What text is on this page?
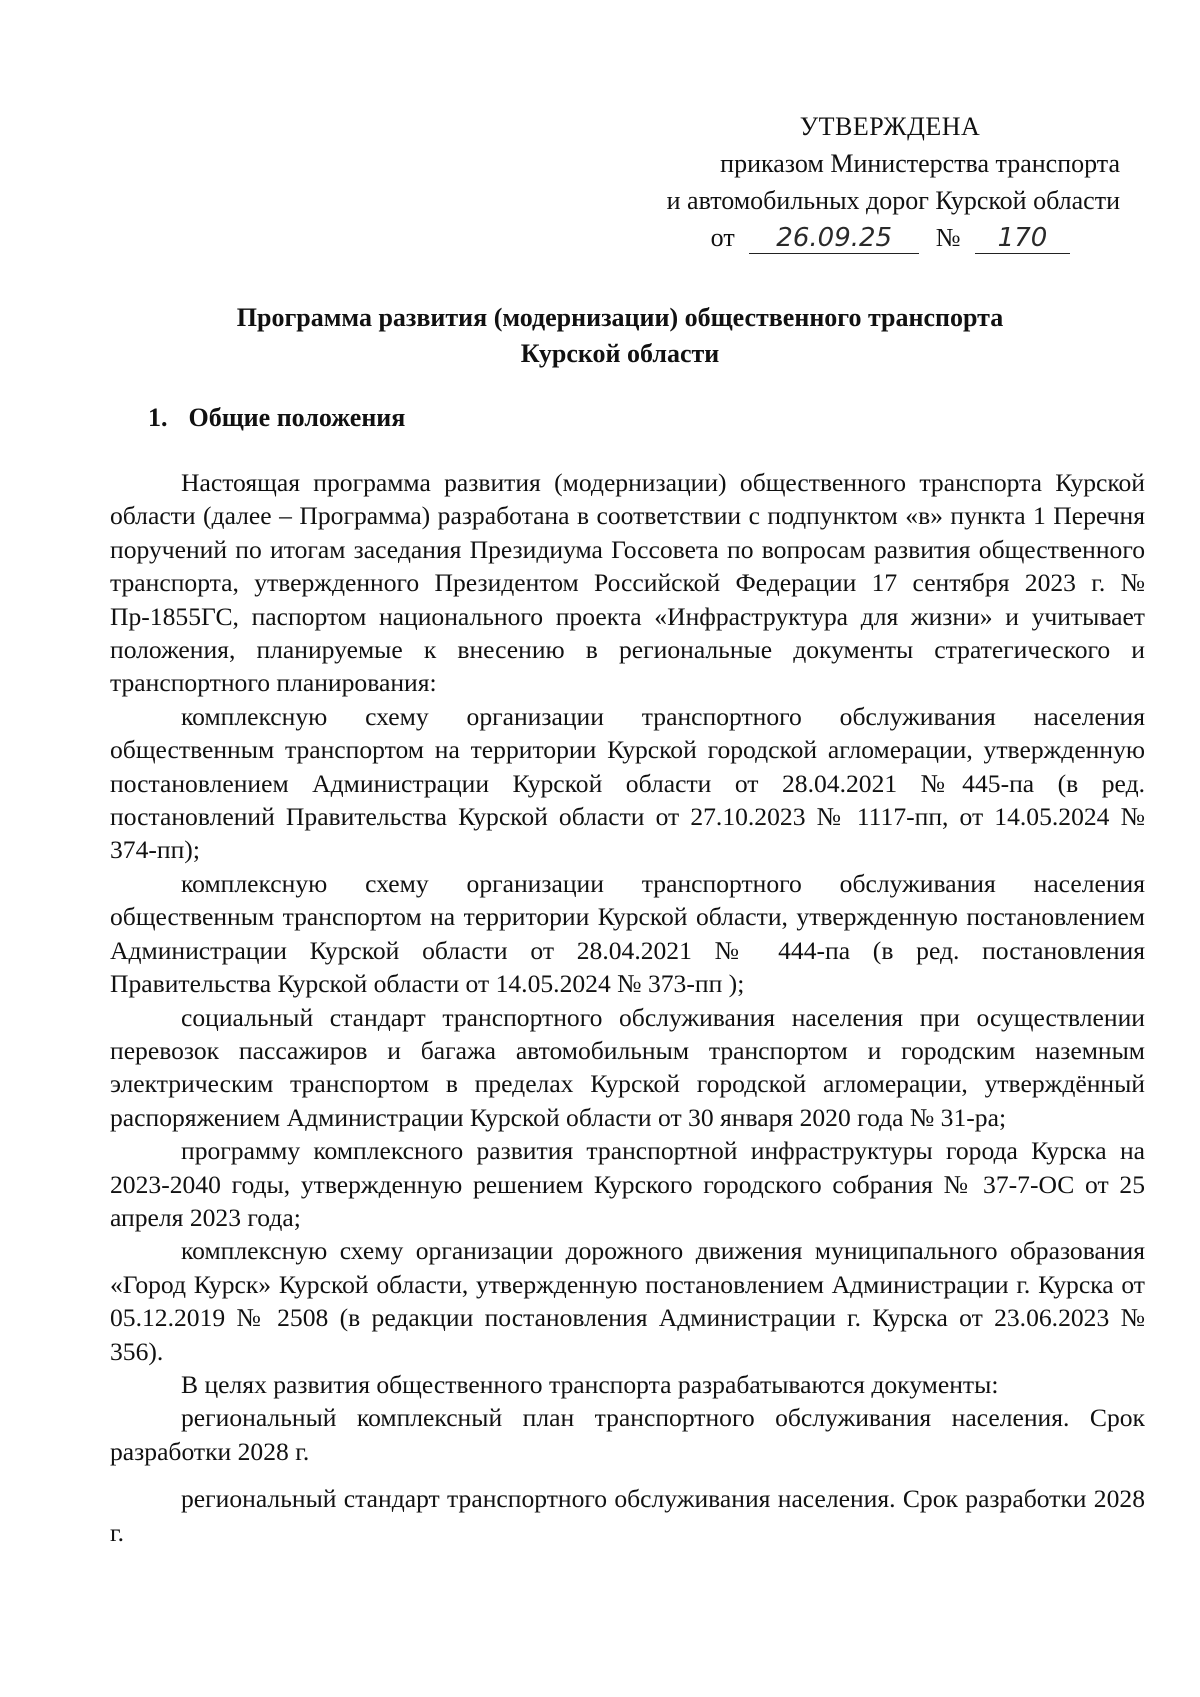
УТВЕРЖДЕНА
приказом Министерства транспорта
и автомобильных дорог Курской области
от 26.09.25 № 170
Программа развития (модернизации) общественного транспорта
Курской области
1. Общие положения

Настоящая программа развития (модернизации) общественного транспорта Курской области (далее – Программа) разработана в соответствии с подпунктом «в» пункта 1 Перечня поручений по итогам заседания Президиума Госсовета по вопросам развития общественного транспорта, утвержденного Президентом Российской Федерации 17 сентября 2023 г. № Пр-1855ГС, паспортом национального проекта «Инфраструктура для жизни» и учитывает положения, планируемые к внесению в региональные документы стратегического и транспортного планирования:

комплексную схему организации транспортного обслуживания населения общественным транспортом на территории Курской городской агломерации, утвержденную постановлением Администрации Курской области от 28.04.2021 №445-па (в ред. постановлений Правительства Курской области от 27.10.2023 № 1117-пп, от 14.05.2024 № 374-пп);

комплексную схему организации транспортного обслуживания населения общественным транспортом на территории Курской области, утвержденную постановлением Администрации Курской области от 28.04.2021 № 444-па (в ред. постановления Правительства Курской области от 14.05.2024 № 373-пп );

социальный стандарт транспортного обслуживания населения при осуществлении перевозок пассажиров и багажа автомобильным транспортом и городским наземным электрическим транспортом в пределах Курской городской агломерации, утверждённый распоряжением Администрации Курской области от 30 января 2020 года № 31-ра;

программу комплексного развития транспортной инфраструктуры города Курска на 2023-2040 годы, утвержденную решением Курского городского собрания № 37-7-ОС от 25 апреля 2023 года;

комплексную схему организации дорожного движения муниципального образования «Город Курск» Курской области, утвержденную постановлением Администрации г. Курска от 05.12.2019 № 2508 (в редакции постановления Администрации г. Курска от 23.06.2023 № 356).

В целях развития общественного транспорта разрабатываются документы:

региональный комплексный план транспортного обслуживания населения. Срок разработки 2028 г.

региональный стандарт транспортного обслуживания населения. Срок разработки 2028 г.
